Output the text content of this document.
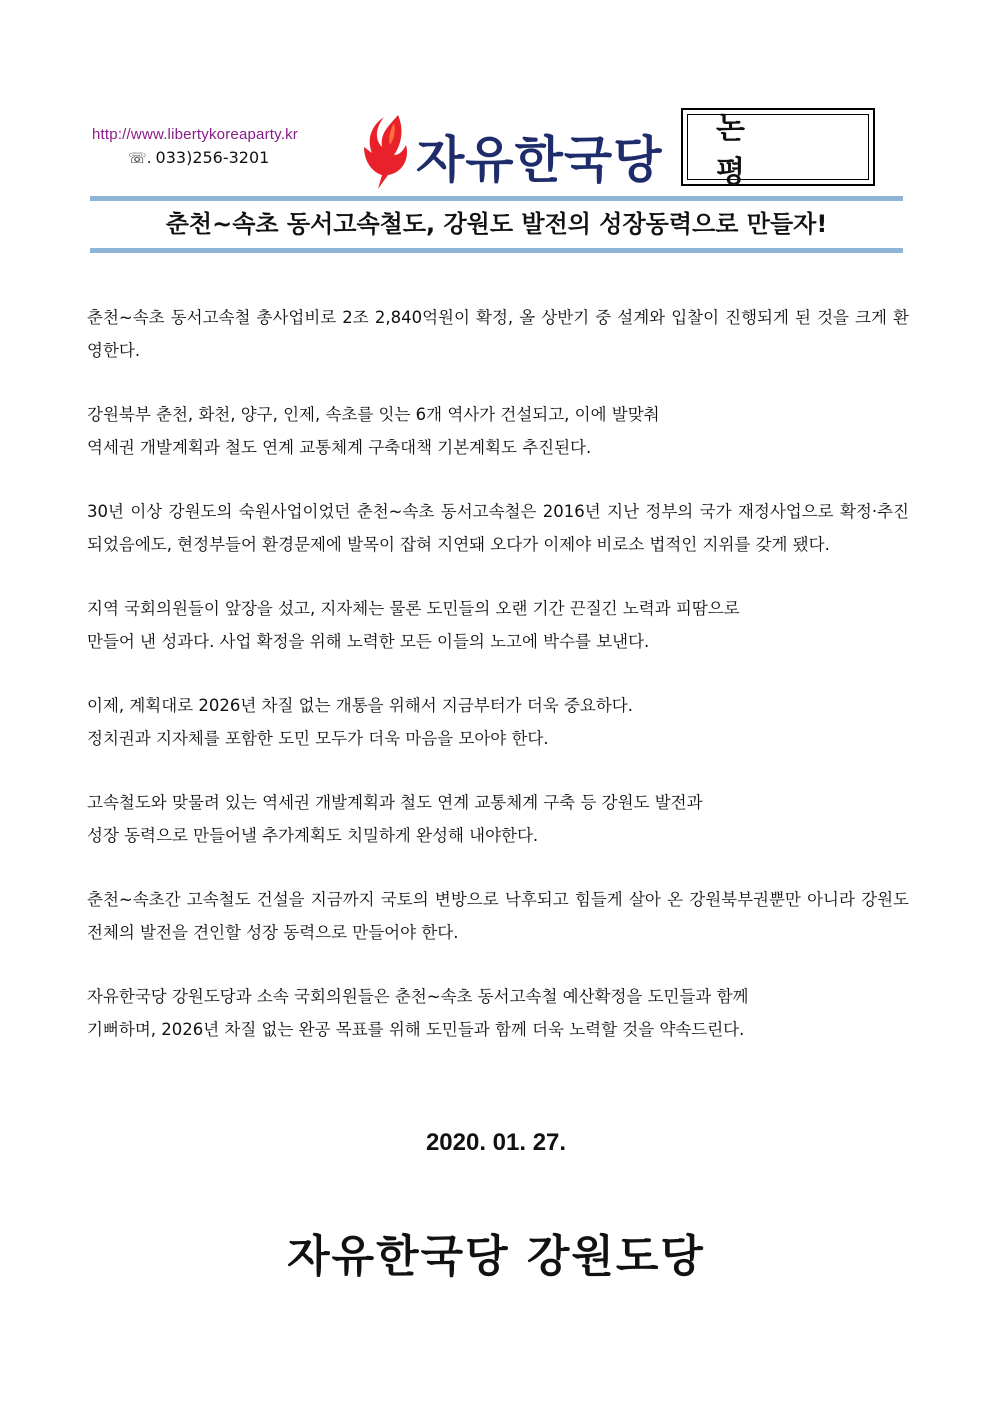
http://www.libertykoreaparty.kr
☏. 033)256-3201	자유한국당
논 평
춘천~속초 동서고속철도, 강원도 발전의 성장동력으로 만들자!

춘천~속초 동서고속철 총사업비로 2조 2,840억원이 확정, 올 상반기 중 설계와 입찰이 진행되게 된 것을 크게 환영한다.

강원북부 춘천, 화천, 양구, 인제, 속초를 잇는 6개 역사가 건설되고, 이에 발맞춰
역세권 개발계획과 철도 연계 교통체계 구축대책 기본계획도 추진된다.

30년 이상 강원도의 숙원사업이었던 춘천~속초 동서고속철은 2016년 지난 정부의 국가 재정사업으로 확정·추진되었음에도, 현정부들어 환경문제에 발목이 잡혀 지연돼 오다가 이제야 비로소 법적인 지위를 갖게 됐다.

지역 국회의원들이 앞장을 섰고, 지자체는 물론 도민들의 오랜 기간 끈질긴 노력과 피땀으로
만들어 낸 성과다. 사업 확정을 위해 노력한 모든 이들의 노고에 박수를 보낸다.

이제, 계획대로 2026년 차질 없는 개통을 위해서 지금부터가 더욱 중요하다.
정치권과 지자체를 포함한 도민 모두가 더욱 마음을 모아야 한다.

고속철도와 맞물려 있는 역세권 개발계획과 철도 연계 교통체계 구축 등 강원도 발전과
성장 동력으로 만들어낼 추가계획도 치밀하게 완성해 내야한다.

춘천~속초간 고속철도 건설을 지금까지 국토의 변방으로 낙후되고 힘들게 살아 온 강원북부권뿐만 아니라 강원도 전체의 발전을 견인할 성장 동력으로 만들어야 한다.

자유한국당 강원도당과 소속 국회의원들은 춘천~속초 동서고속철 예산확정을 도민들과 함께
기뻐하며, 2026년 차질 없는 완공 목표를 위해 도민들과 함께 더욱 노력할 것을 약속드린다.

2020. 01. 27.
자유한국당 강원도당
